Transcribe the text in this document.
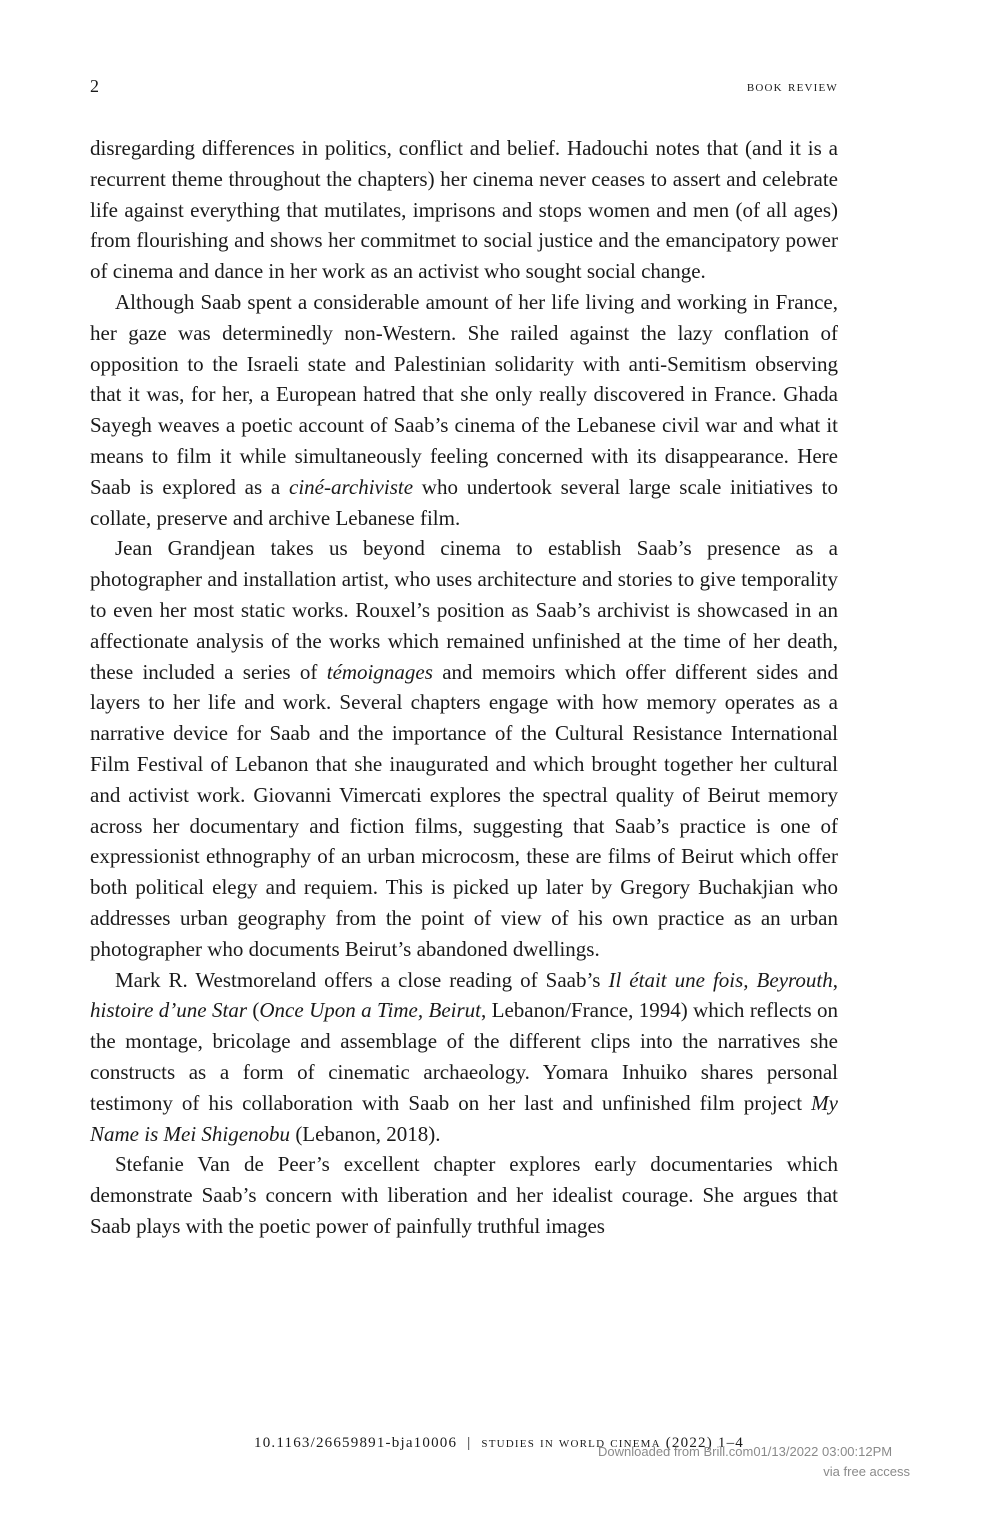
2	book review

disregarding differences in politics, conflict and belief. Hadouchi notes that (and it is a recurrent theme throughout the chapters) her cinema never ceases to assert and celebrate life against everything that mutilates, imprisons and stops women and men (of all ages) from flourishing and shows her commitmet to social justice and the emancipatory power of cinema and dance in her work as an activist who sought social change.

Although Saab spent a considerable amount of her life living and working in France, her gaze was determinedly non-Western. She railed against the lazy conflation of opposition to the Israeli state and Palestinian solidarity with anti-Semitism observing that it was, for her, a European hatred that she only really discovered in France. Ghada Sayegh weaves a poetic account of Saab’s cinema of the Lebanese civil war and what it means to film it while simultaneously feeling concerned with its disappearance. Here Saab is explored as a ciné-archiviste who undertook several large scale initiatives to collate, preserve and archive Lebanese film.

Jean Grandjean takes us beyond cinema to establish Saab’s presence as a photographer and installation artist, who uses architecture and stories to give temporality to even her most static works. Rouxel’s position as Saab’s archivist is showcased in an affectionate analysis of the works which remained unfinished at the time of her death, these included a series of témoignages and memoirs which offer different sides and layers to her life and work. Several chapters engage with how memory operates as a narrative device for Saab and the importance of the Cultural Resistance International Film Festival of Lebanon that she inaugurated and which brought together her cultural and activist work. Giovanni Vimercati explores the spectral quality of Beirut memory across her documentary and fiction films, suggesting that Saab’s practice is one of expressionist ethnography of an urban microcosm, these are films of Beirut which offer both political elegy and requiem. This is picked up later by Gregory Buchakjian who addresses urban geography from the point of view of his own practice as an urban photographer who documents Beirut’s abandoned dwellings.

Mark R. Westmoreland offers a close reading of Saab’s Il était une fois, Beyrouth, histoire d’une Star (Once Upon a Time, Beirut, Lebanon/France, 1994) which reflects on the montage, bricolage and assemblage of the different clips into the narratives she constructs as a form of cinematic archaeology. Yomara Inhuiko shares personal testimony of his collaboration with Saab on her last and unfinished film project My Name is Mei Shigenobu (Lebanon, 2018).

Stefanie Van de Peer’s excellent chapter explores early documentaries which demonstrate Saab’s concern with liberation and her idealist courage. She argues that Saab plays with the poetic power of painfully truthful images

10.1163/26659891-bja10006 | studies in world cinema (2022) 1–4
Downloaded from Brill.com01/13/2022 03:00:12PM
via free access
